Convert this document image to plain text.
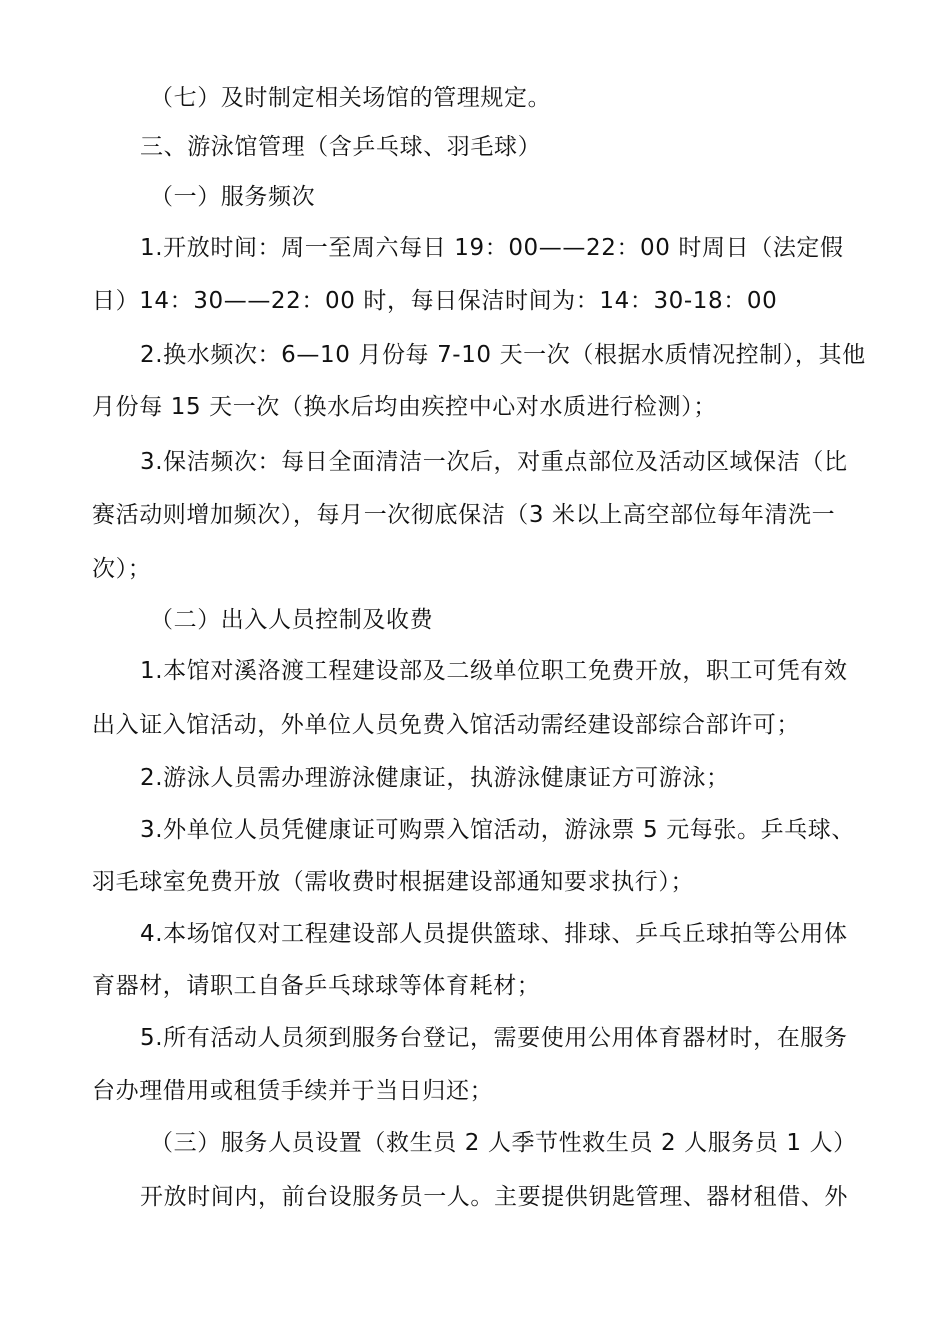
（七）及时制定相关场馆的管理规定。
三、游泳馆管理（含乒乓球、羽毛球）
（一）服务频次
1.开放时间：周一至周六每日 19：00——22：00 时周日（法定假
日）14：30——22：00 时，每日保洁时间为：14：30-18：00
2.换水频次：6—10 月份每 7-10 天一次（根据水质情况控制），其他
月份每 15 天一次（换水后均由疾控中心对水质进行检测）；
3.保洁频次：每日全面清洁一次后，对重点部位及活动区域保洁（比
赛活动则增加频次），每月一次彻底保洁（3 米以上高空部位每年清洗一
次）；
（二）出入人员控制及收费
1.本馆对溪洛渡工程建设部及二级单位职工免费开放，职工可凭有效
出入证入馆活动，外单位人员免费入馆活动需经建设部综合部许可；
2.游泳人员需办理游泳健康证，执游泳健康证方可游泳；
3.外单位人员凭健康证可购票入馆活动，游泳票 5 元每张。乒乓球、
羽毛球室免费开放（需收费时根据建设部通知要求执行）；
4.本场馆仅对工程建设部人员提供篮球、排球、乒乓丘球拍等公用体
育器材，请职工自备乒乓球球等体育耗材；
5.所有活动人员须到服务台登记，需要使用公用体育器材时，在服务
台办理借用或租赁手续并于当日归还；
（三）服务人员设置（救生员 2 人季节性救生员 2 人服务员 1 人）
开放时间内，前台设服务员一人。主要提供钥匙管理、器材租借、外
